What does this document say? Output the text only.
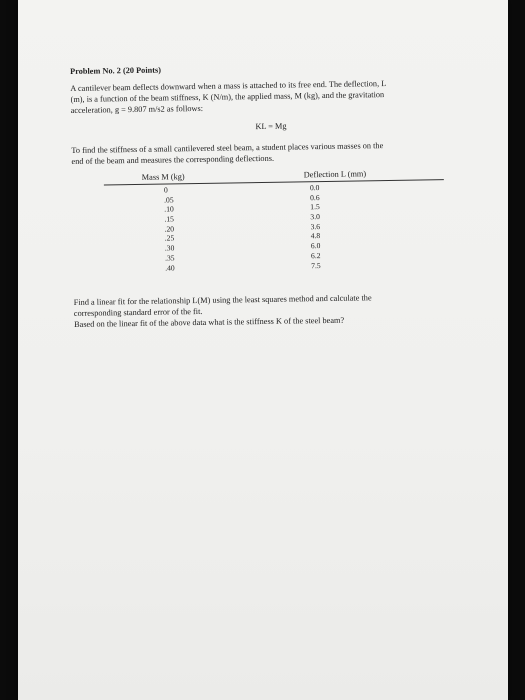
Problem No. 2 (20 Points)
A cantilever beam deflects downward when a mass is attached to its free end. The deflection, L
(m), is a function of the beam stiffness, K (N/m), the applied mass, M (kg), and the gravitation
acceleration, g = 9.807 m/s2 as follows:
KL = Mg
To find the stiffness of a small cantilevered steel beam, a student places various masses on the
end of the beam and measures the corresponding deflections.
Mass M (kg)	Deflection L (mm)
0
.05
.10
.15
.20
.25
.30
.35
.40
0.0
0.6
1.5
3.0
3.6
4.8
6.0
6.2
7.5
Find a linear fit for the relationship L(M) using the least squares method and calculate the
corresponding standard error of the fit.
Based on the linear fit of the above data what is the stiffness K of the steel beam?
